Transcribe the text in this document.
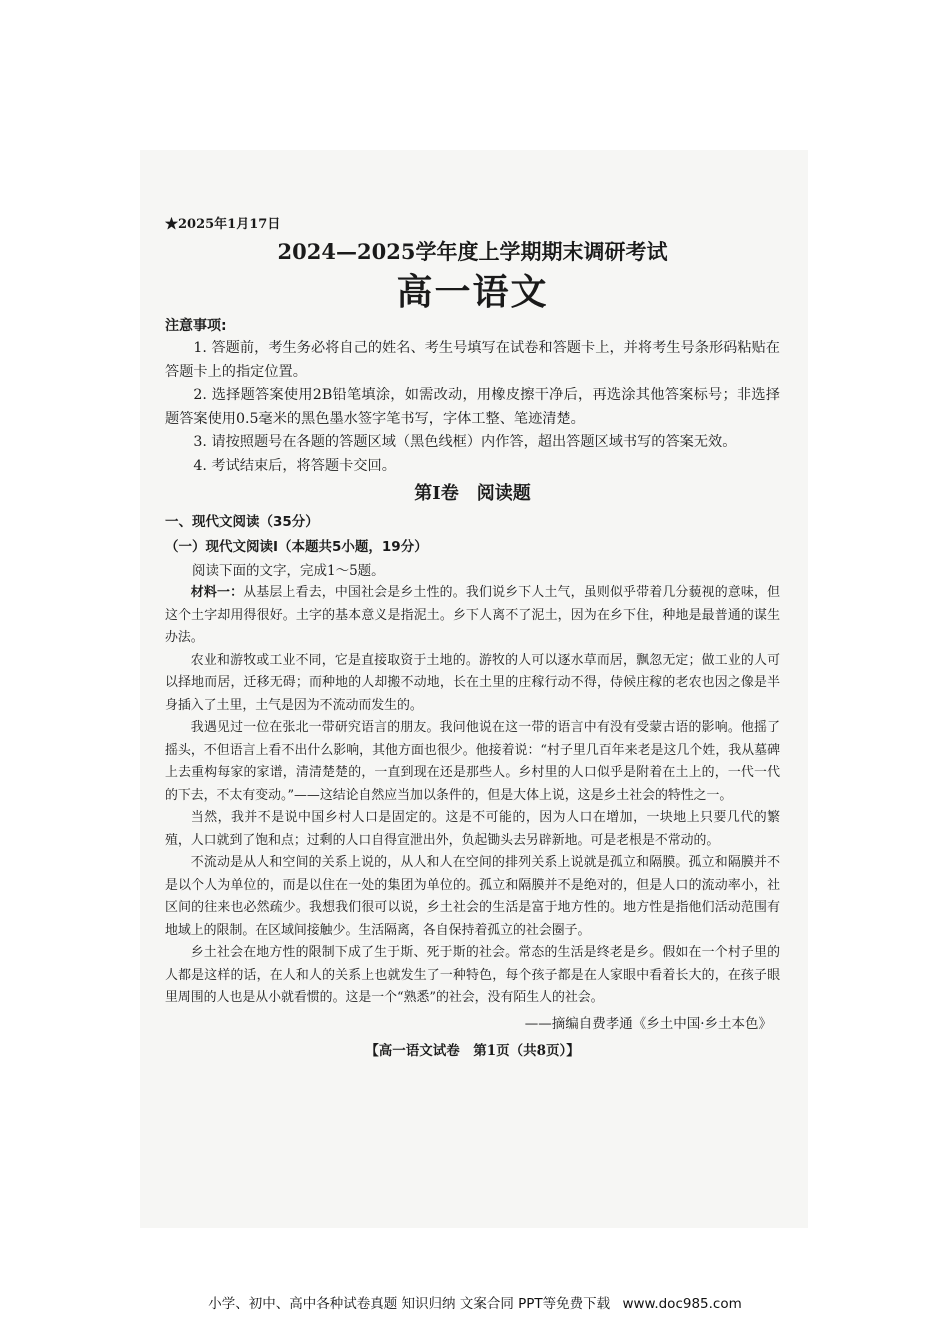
★2025年1月17日
2024—2025学年度上学期期末调研考试
高一语文
注意事项:

1. 答题前，考生务必将自己的姓名、考生号填写在试卷和答题卡上，并将考生号条形码粘贴在答题卡上的指定位置。

2. 选择题答案使用2B铅笔填涂，如需改动，用橡皮擦干净后，再选涂其他答案标号；非选择题答案使用0.5毫米的黑色墨水签字笔书写，字体工整、笔迹清楚。

3. 请按照题号在各题的答题区域（黑色线框）内作答，超出答题区域书写的答案无效。

4. 考试结束后，将答题卡交回。

第I卷　阅读题
一、现代文阅读（35分）
（一）现代文阅读Ⅰ（本题共5小题，19分）

阅读下面的文字，完成1～5题。

材料一：从基层上看去，中国社会是乡土性的。我们说乡下人土气，虽则似乎带着几分藐视的意味，但这个土字却用得很好。土字的基本意义是指泥土。乡下人离不了泥土，因为在乡下住，种地是最普通的谋生办法。

农业和游牧或工业不同，它是直接取资于土地的。游牧的人可以逐水草而居，飘忽无定；做工业的人可以择地而居，迁移无碍；而种地的人却搬不动地，长在土里的庄稼行动不得，侍候庄稼的老农也因之像是半身插入了土里，土气是因为不流动而发生的。

我遇见过一位在张北一带研究语言的朋友。我问他说在这一带的语言中有没有受蒙古语的影响。他摇了摇头，不但语言上看不出什么影响，其他方面也很少。他接着说：“村子里几百年来老是这几个姓，我从墓碑上去重构每家的家谱，清清楚楚的，一直到现在还是那些人。乡村里的人口似乎是附着在土上的，一代一代的下去，不太有变动。”——这结论自然应当加以条件的，但是大体上说，这是乡土社会的特性之一。

当然，我并不是说中国乡村人口是固定的。这是不可能的，因为人口在增加，一块地上只要几代的繁殖，人口就到了饱和点；过剩的人口自得宣泄出外，负起锄头去另辟新地。可是老根是不常动的。

不流动是从人和空间的关系上说的，从人和人在空间的排列关系上说就是孤立和隔膜。孤立和隔膜并不是以个人为单位的，而是以住在一处的集团为单位的。孤立和隔膜并不是绝对的，但是人口的流动率小，社区间的往来也必然疏少。我想我们很可以说，乡土社会的生活是富于地方性的。地方性是指他们活动范围有地域上的限制。在区域间接触少。生活隔离，各自保持着孤立的社会圈子。

乡土社会在地方性的限制下成了生于斯、死于斯的社会。常态的生活是终老是乡。假如在一个村子里的人都是这样的话，在人和人的关系上也就发生了一种特色，每个孩子都是在人家眼中看着长大的，在孩子眼里周围的人也是从小就看惯的。这是一个“熟悉”的社会，没有陌生人的社会。

——摘编自费孝通《乡土中国·乡土本色》
【高一语文试卷　第1页（共8页）】
小学、初中、高中各种试卷真题 知识归纳 文案合同 PPT等免费下载 www.doc985.com
